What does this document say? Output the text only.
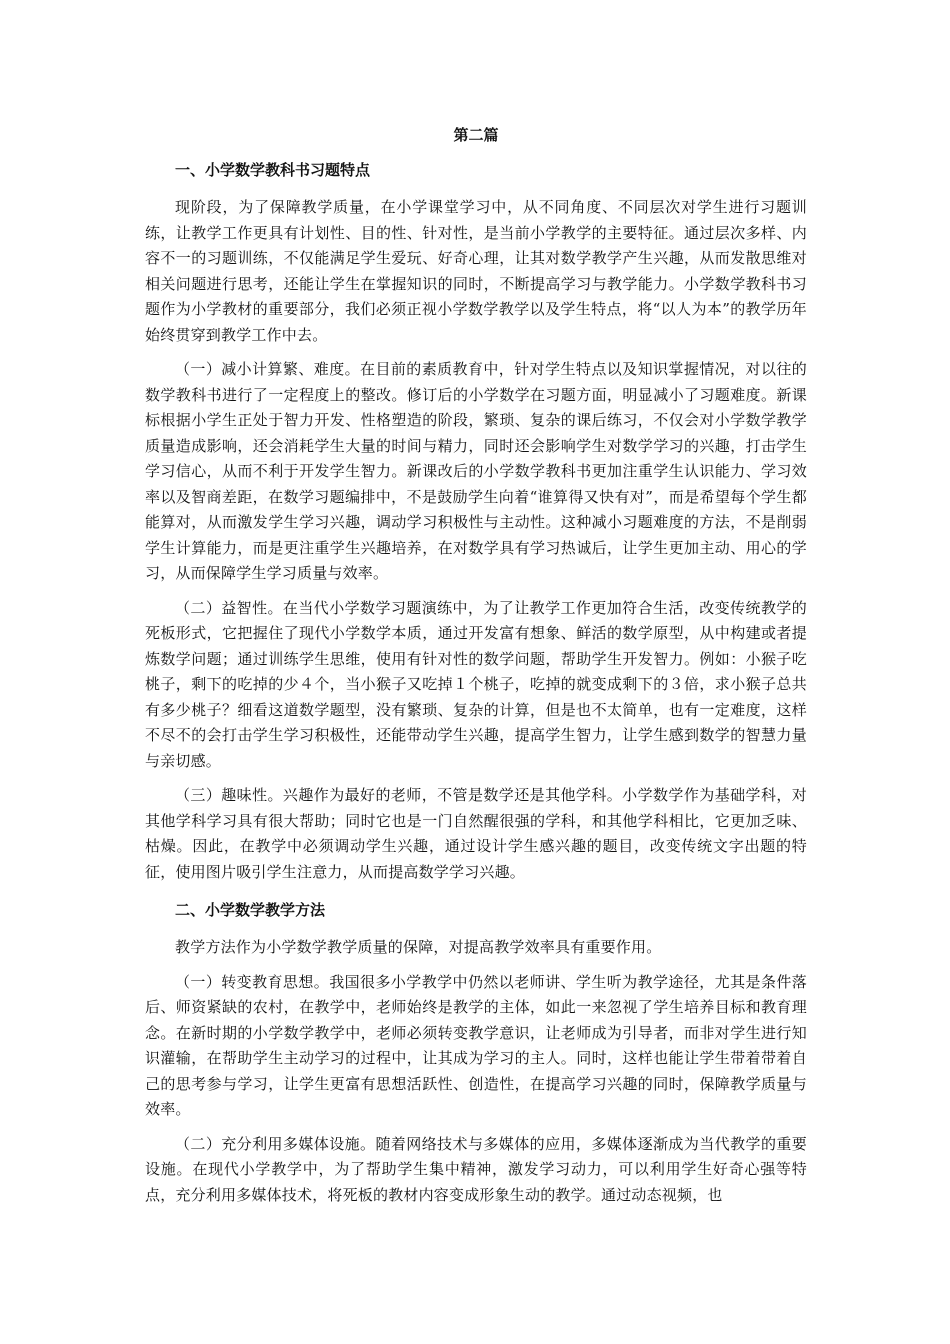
第二篇
一、小学数学教科书习题特点

现阶段，为了保障教学质量，在小学课堂学习中，从不同角度、不同层次对学生进行习题训练，让教学工作更具有计划性、目的性、针对性，是当前小学教学的主要特征。通过层次多样、内容不一的习题训练，不仅能满足学生爱玩、好奇心理，让其对数学教学产生兴趣，从而发散思维对相关问题进行思考，还能让学生在掌握知识的同时，不断提高学习与教学能力。小学数学教科书习题作为小学教材的重要部分，我们必须正视小学数学教学以及学生特点，将“以人为本”的教学历年始终贯穿到教学工作中去。

（一）减小计算繁、难度。在目前的素质教育中，针对学生特点以及知识掌握情况，对以往的数学教科书进行了一定程度上的整改。修订后的小学数学在习题方面，明显减小了习题难度。新课标根据小学生正处于智力开发、性格塑造的阶段，繁琐、复杂的课后练习，不仅会对小学数学教学质量造成影响，还会消耗学生大量的时间与精力，同时还会影响学生对数学学习的兴趣，打击学生学习信心，从而不利于开发学生智力。新课改后的小学数学教科书更加注重学生认识能力、学习效率以及智商差距，在数学习题编排中，不是鼓励学生向着“谁算得又快有对”，而是希望每个学生都能算对，从而激发学生学习兴趣，调动学习积极性与主动性。这种减小习题难度的方法，不是削弱学生计算能力，而是更注重学生兴趣培养，在对数学具有学习热诚后，让学生更加主动、用心的学习，从而保障学生学习质量与效率。

（二）益智性。在当代小学数学习题演练中，为了让教学工作更加符合生活，改变传统教学的死板形式，它把握住了现代小学数学本质，通过开发富有想象、鲜活的数学原型，从中构建或者提炼数学问题；通过训练学生思维，使用有针对性的数学问题，帮助学生开发智力。例如：小猴子吃桃子，剩下的吃掉的少４个，当小猴子又吃掉１个桃子，吃掉的就变成剩下的３倍，求小猴子总共有多少桃子？细看这道数学题型，没有繁琐、复杂的计算，但是也不太简单，也有一定难度，这样不尽不的会打击学生学习积极性，还能带动学生兴趣，提高学生智力，让学生感到数学的智慧力量与亲切感。

（三）趣味性。兴趣作为最好的老师，不管是数学还是其他学科。小学数学作为基础学科，对其他学科学习具有很大帮助；同时它也是一门自然醒很强的学科，和其他学科相比，它更加乏味、枯燥。因此，在教学中必须调动学生兴趣，通过设计学生感兴趣的题目，改变传统文字出题的特征，使用图片吸引学生注意力，从而提高数学学习兴趣。

二、小学数学教学方法

教学方法作为小学数学教学质量的保障，对提高教学效率具有重要作用。

（一）转变教育思想。我国很多小学教学中仍然以老师讲、学生听为教学途径，尤其是条件落后、师资紧缺的农村，在教学中，老师始终是教学的主体，如此一来忽视了学生培养目标和教育理念。在新时期的小学数学教学中，老师必须转变教学意识，让老师成为引导者，而非对学生进行知识灌输，在帮助学生主动学习的过程中，让其成为学习的主人。同时，这样也能让学生带着带着自己的思考参与学习，让学生更富有思想活跃性、创造性，在提高学习兴趣的同时，保障教学质量与效率。

（二）充分利用多媒体设施。随着网络技术与多媒体的应用，多媒体逐渐成为当代教学的重要设施。在现代小学教学中，为了帮助学生集中精神，激发学习动力，可以利用学生好奇心强等特点，充分利用多媒体技术，将死板的教材内容变成形象生动的教学。通过动态视频，也
